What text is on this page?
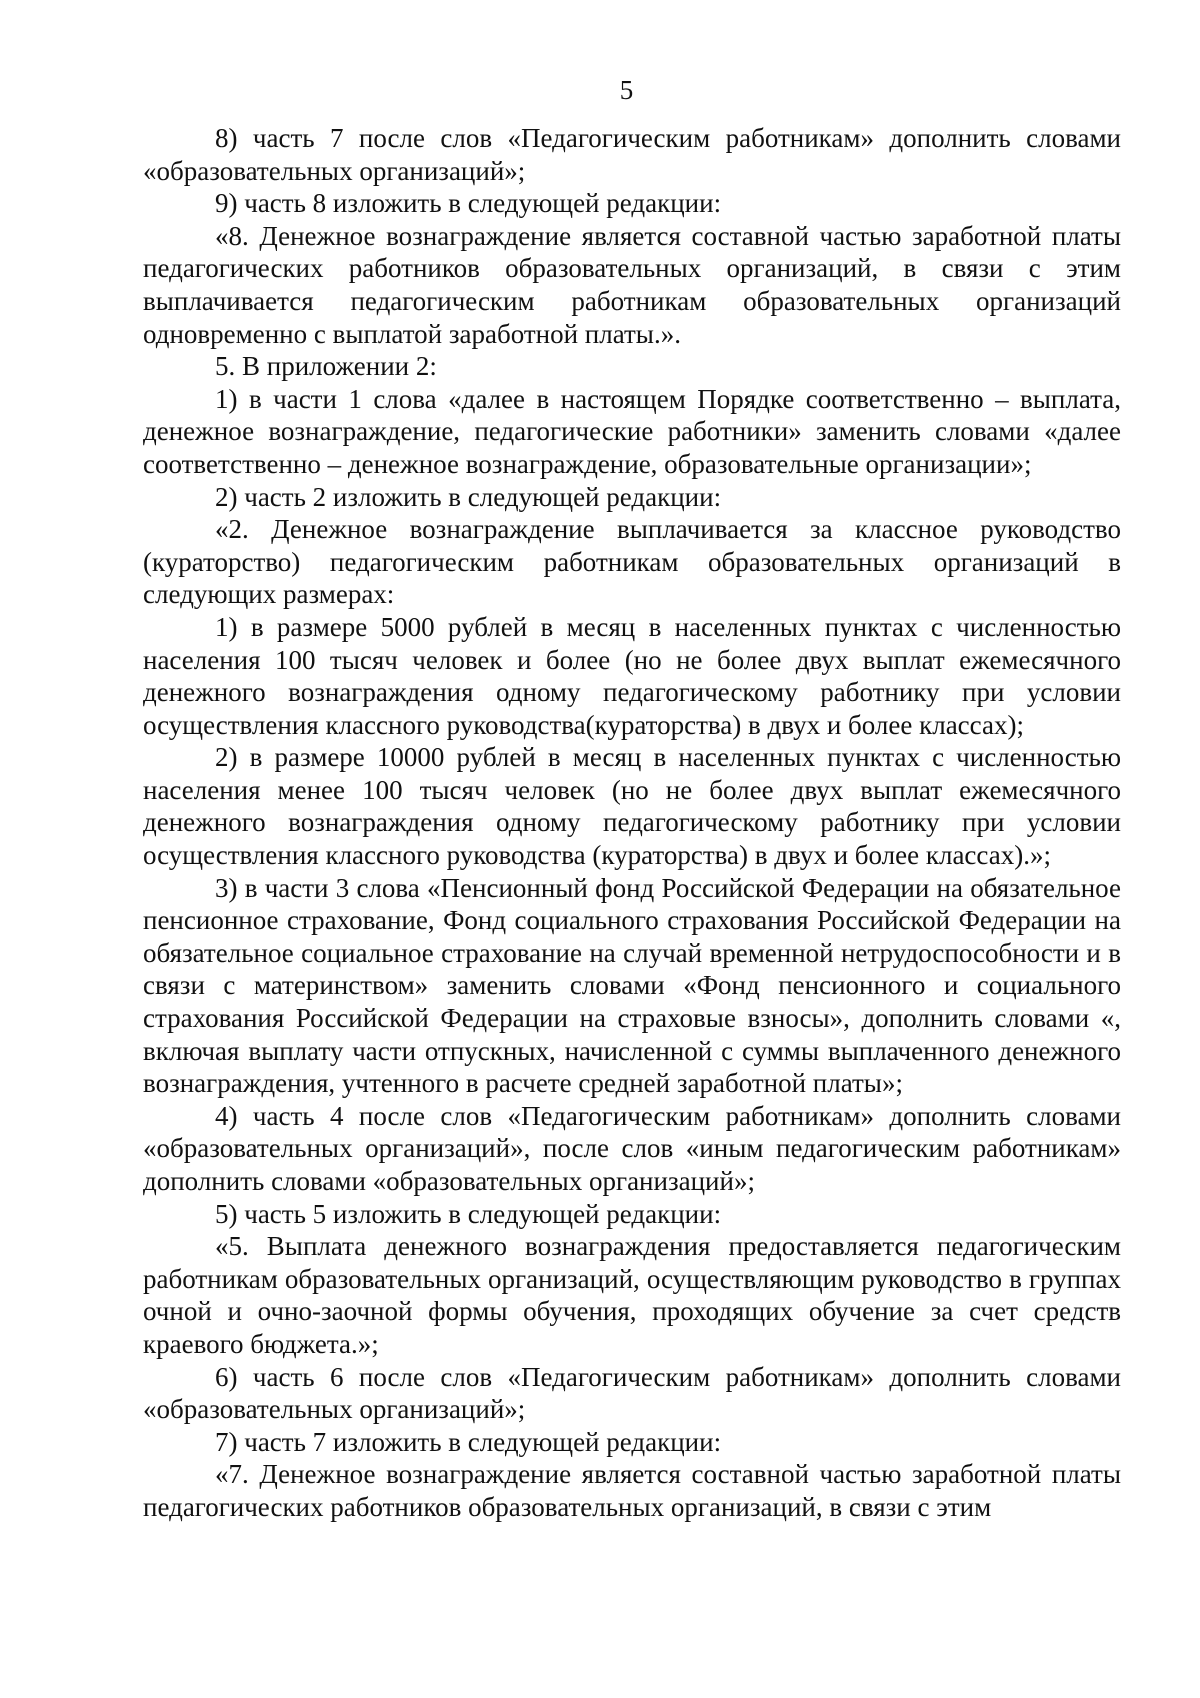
5

8) часть 7 после слов «Педагогическим работникам» дополнить словами «образовательных организаций»;

9) часть 8 изложить в следующей редакции:

«8. Денежное вознаграждение является составной частью заработной платы педагогических работников образовательных организаций, в связи с этим выплачивается педагогическим работникам образовательных организаций одновременно с выплатой заработной платы.».

5. В приложении 2:

1) в части 1 слова «далее в настоящем Порядке соответственно – выплата, денежное вознаграждение, педагогические работники» заменить словами «далее соответственно – денежное вознаграждение, образовательные организации»;

2) часть 2 изложить в следующей редакции:

«2. Денежное вознаграждение выплачивается за классное руководство (кураторство) педагогическим работникам образовательных организаций в следующих размерах:

1) в размере 5000 рублей в месяц в населенных пунктах с численностью населения 100 тысяч человек и более (но не более двух выплат ежемесячного денежного вознаграждения одному педагогическому работнику при условии осуществления классного руководства(кураторства) в двух и более классах);

2) в размере 10000 рублей в месяц в населенных пунктах с численностью населения менее 100 тысяч человек (но не более двух выплат ежемесячного денежного вознаграждения одному педагогическому работнику при условии осуществления классного руководства (кураторства) в двух и более классах).»;

3) в части 3 слова «Пенсионный фонд Российской Федерации на обязательное пенсионное страхование, Фонд социального страхования Российской Федерации на обязательное социальное страхование на случай временной нетрудоспособности и в связи с материнством» заменить словами «Фонд пенсионного и социального страхования Российской Федерации на страховые взносы», дополнить словами «, включая выплату части отпускных, начисленной с суммы выплаченного денежного вознаграждения, учтенного в расчете средней заработной платы»;

4) часть 4 после слов «Педагогическим работникам» дополнить словами «образовательных организаций», после слов «иным педагогическим работникам» дополнить словами «образовательных организаций»;

5) часть 5 изложить в следующей редакции:

«5. Выплата денежного вознаграждения предоставляется педагогическим работникам образовательных организаций, осуществляющим руководство в группах очной и очно-заочной формы обучения, проходящих обучение за счет средств краевого бюджета.»;

6) часть 6 после слов «Педагогическим работникам» дополнить словами «образовательных организаций»;

7) часть 7 изложить в следующей редакции:

«7. Денежное вознаграждение является составной частью заработной платы педагогических работников образовательных организаций, в связи с этим
